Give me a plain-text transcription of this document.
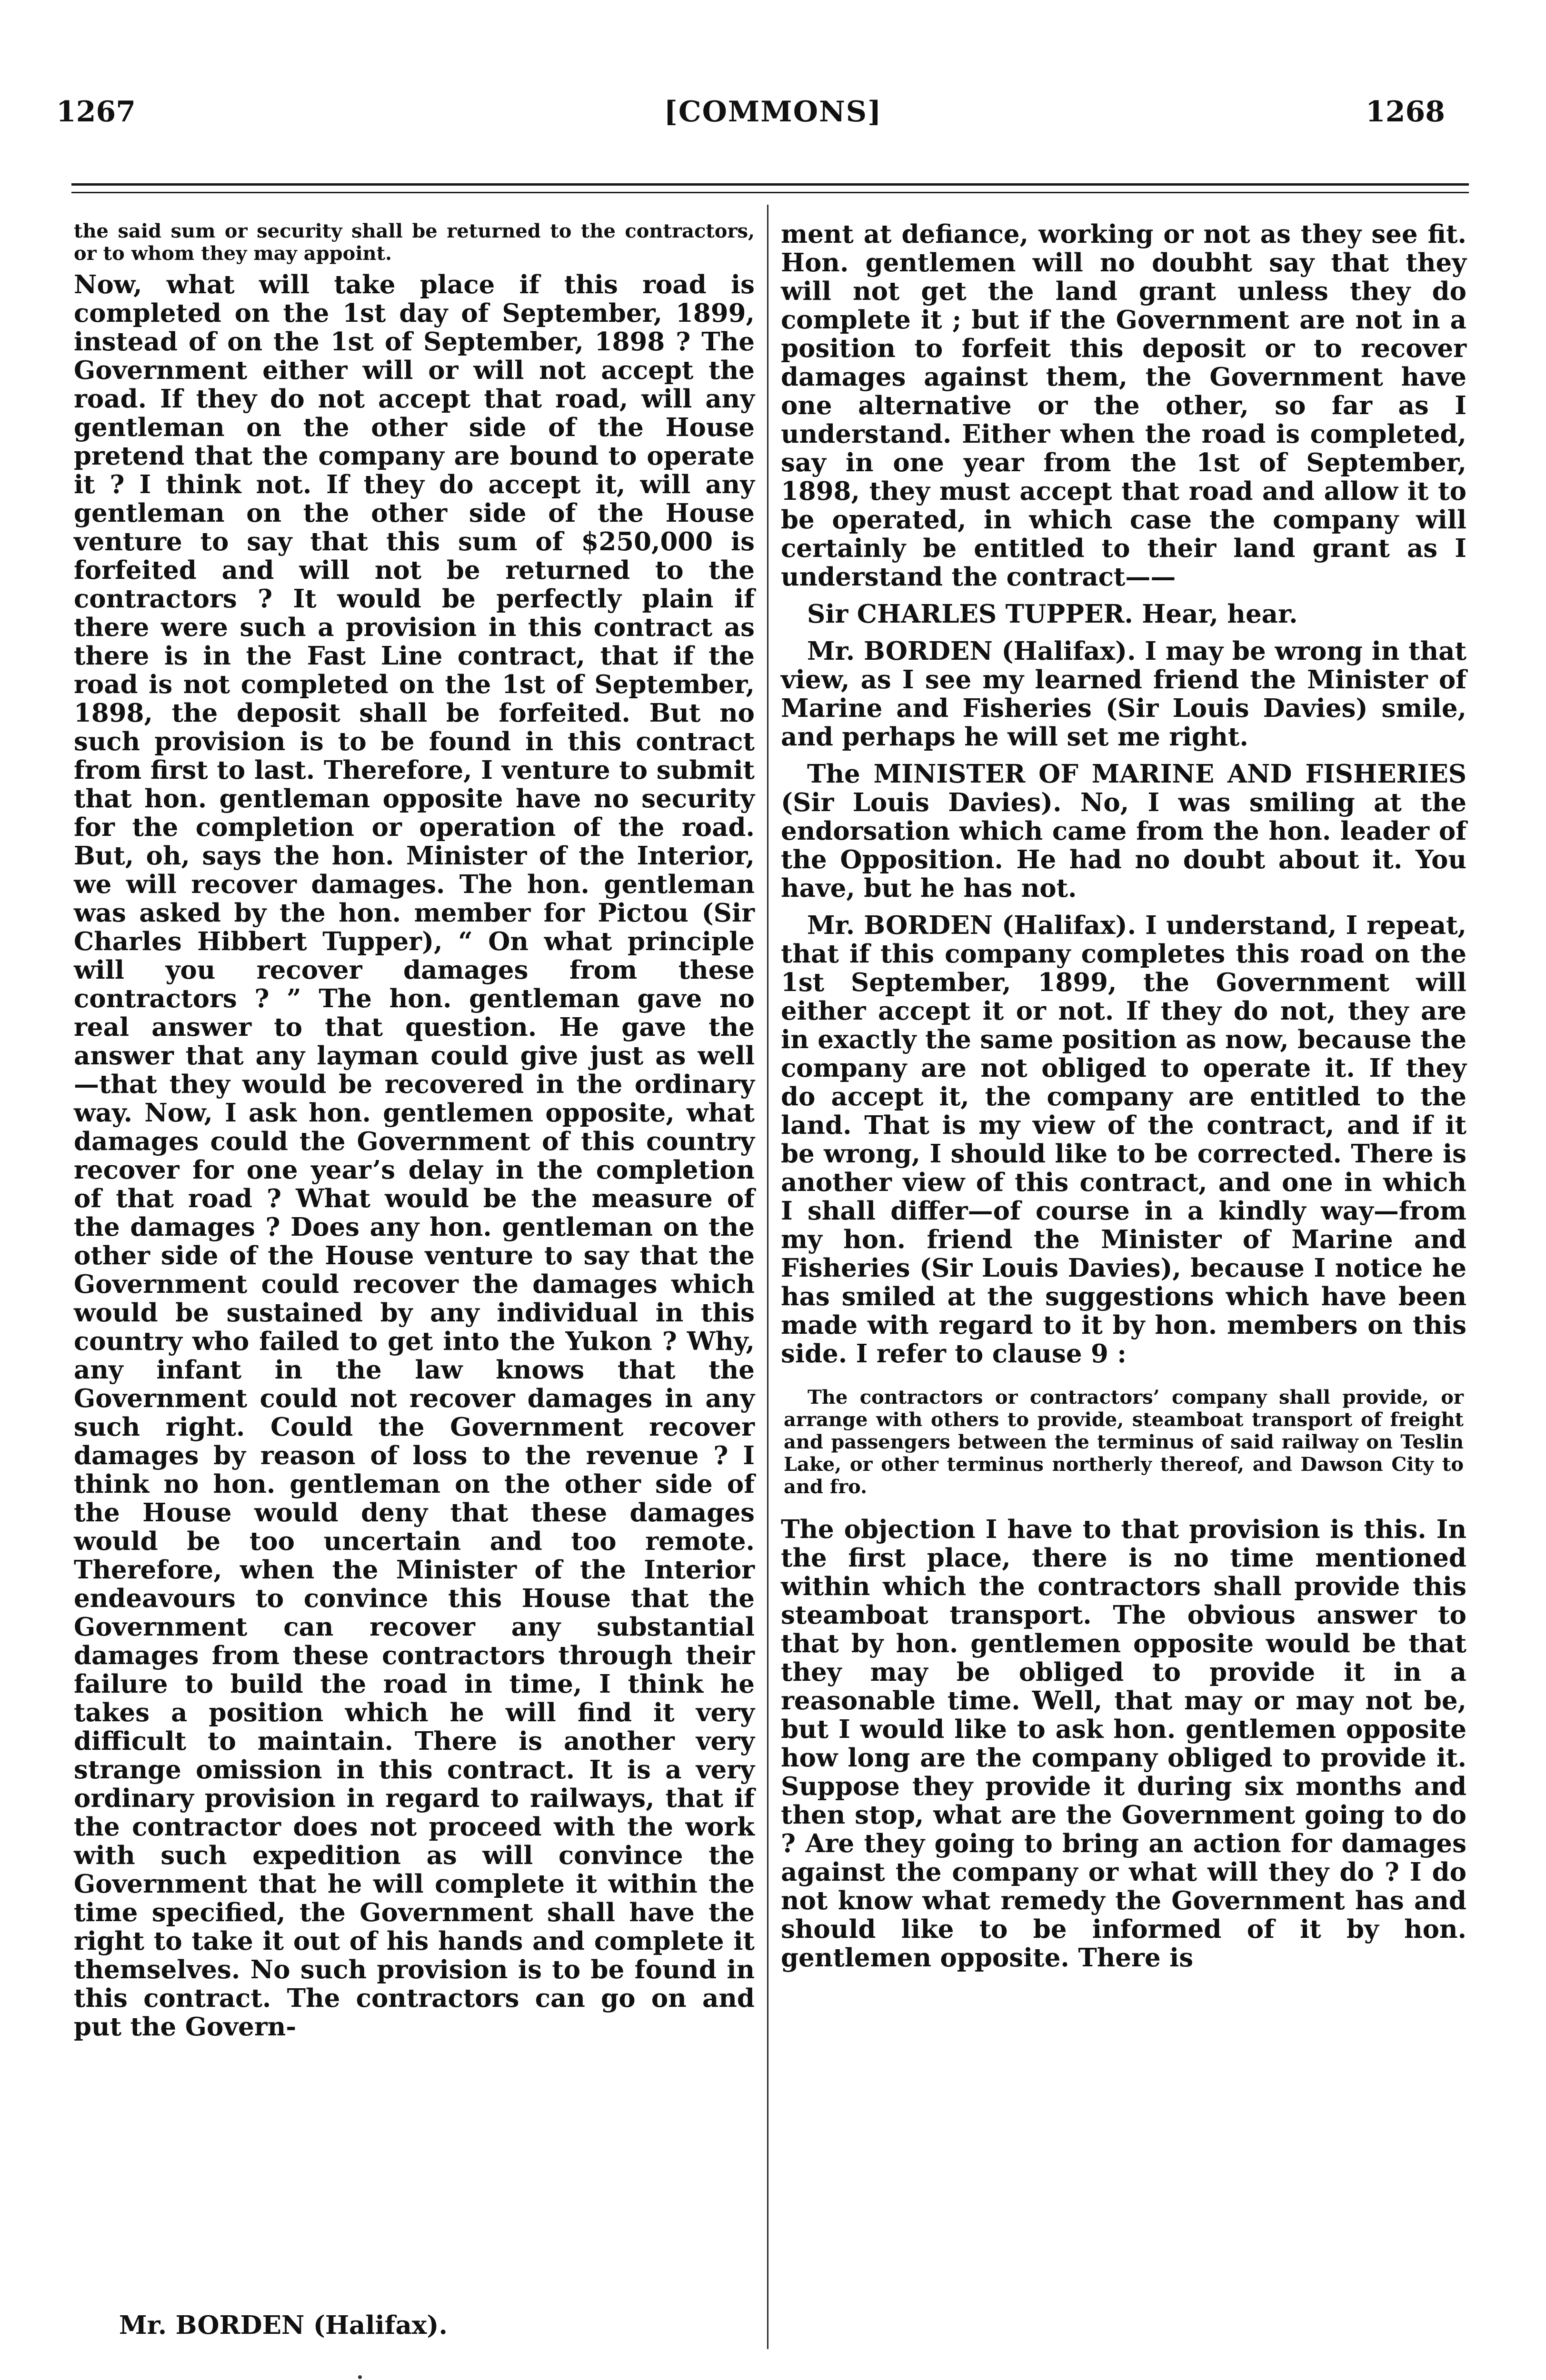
1267	[COMMONS]	1268

the said sum or security shall be returned to the contractors, or to whom they may appoint.

Now, what will take place if this road is completed on the 1st day of September, 1899, instead of on the 1st of September, 1898 ? The Government either will or will not accept the road. If they do not accept that road, will any gentleman on the other side of the House pretend that the company are bound to operate it ? I think not. If they do accept it, will any gentleman on the other side of the House venture to say that this sum of $250,000 is forfeited and will not be returned to the contractors ? It would be perfectly plain if there were such a provision in this contract as there is in the Fast Line contract, that if the road is not completed on the 1st of September, 1898, the deposit shall be forfeited. But no such provision is to be found in this contract from first to last. Therefore, I venture to submit that hon. gentleman opposite have no security for the completion or operation of the road. But, oh, says the hon. Minister of the Interior, we will recover damages. The hon. gentleman was asked by the hon. member for Pictou (Sir Charles Hibbert Tupper), “ On what principle will you recover damages from these contractors ? ” The hon. gentleman gave no real answer to that question. He gave the answer that any layman could give just as well—that they would be recovered in the ordinary way. Now, I ask hon. gentlemen opposite, what damages could the Government of this country recover for one year’s delay in the completion of that road ? What would be the measure of the damages ? Does any hon. gentleman on the other side of the House venture to say that the Government could recover the damages which would be sustained by any individual in this country who failed to get into the Yukon ? Why, any infant in the law knows that the Government could not recover damages in any such right. Could the Government recover damages by reason of loss to the revenue ? I think no hon. gentleman on the other side of the House would deny that these damages would be too uncertain and too remote. Therefore, when the Minister of the Interior endeavours to convince this House that the Government can recover any substantial damages from these contractors through their failure to build the road in time, I think he takes a position which he will find it very difficult to maintain. There is another very strange omission in this contract. It is a very ordinary provision in regard to railways, that if the contractor does not proceed with the work with such expedition as will convince the Government that he will complete it within the time specified, the Government shall have the right to take it out of his hands and complete it themselves. No such provision is to be found in this contract. The contractors can go on and put the Govern-

Mr. BORDEN (Halifax).

ment at defiance, working or not as they see fit. Hon. gentlemen will no doubht say that they will not get the land grant unless they do complete it ; but if the Government are not in a position to forfeit this deposit or to recover damages against them, the Government have one alternative or the other, so far as I understand. Either when the road is completed, say in one year from the 1st of September, 1898, they must accept that road and allow it to be operated, in which case the company will certainly be entitled to their land grant as I understand the contract——

Sir CHARLES TUPPER. Hear, hear.

Mr. BORDEN (Halifax). I may be wrong in that view, as I see my learned friend the Minister of Marine and Fisheries (Sir Louis Davies) smile, and perhaps he will set me right.

The MINISTER OF MARINE AND FISHERIES (Sir Louis Davies). No, I was smiling at the endorsation which came from the hon. leader of the Opposition. He had no doubt about it. You have, but he has not.

Mr. BORDEN (Halifax). I understand, I repeat, that if this company completes this road on the 1st September, 1899, the Government will either accept it or not. If they do not, they are in exactly the same position as now, because the company are not obliged to operate it. If they do accept it, the company are entitled to the land. That is my view of the contract, and if it be wrong, I should like to be corrected. There is another view of this contract, and one in which I shall differ—of course in a kindly way—from my hon. friend the Minister of Marine and Fisheries (Sir Louis Davies), because I notice he has smiled at the suggestions which have been made with regard to it by hon. members on this side. I refer to clause 9 :

The contractors or contractors’ company shall provide, or arrange with others to provide, steamboat transport of freight and passengers between the terminus of said railway on Teslin Lake, or other terminus northerly thereof, and Dawson City to and fro.

The objection I have to that provision is this. In the first place, there is no time mentioned within which the contractors shall provide this steamboat transport. The obvious answer to that by hon. gentlemen opposite would be that they may be obliged to provide it in a reasonable time. Well, that may or may not be, but I would like to ask hon. gentlemen opposite how long are the company obliged to provide it. Suppose they provide it during six months and then stop, what are the Government going to do ? Are they going to bring an action for damages against the company or what will they do ? I do not know what remedy the Government has and should like to be informed of it by hon. gentlemen opposite. There is
